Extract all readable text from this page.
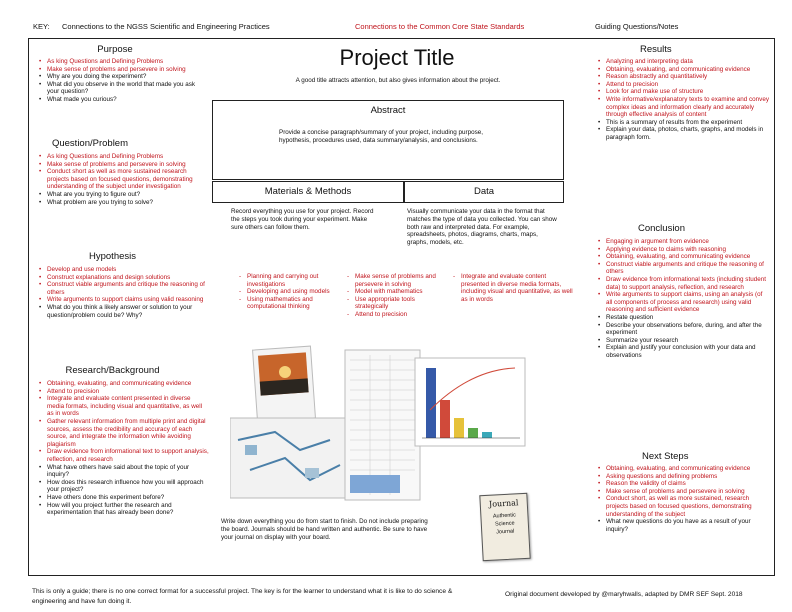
KEY: Connections to the NGSS Scientific and Engineering Practices	Connections to the Common Core State Standards	Guiding Questions/Notes
Purpose
• As king Questions and Defining Problems
• Make sense of problems and persevere in solving
• Why are you doing the experiment?
• What did you observe in the world that made you ask your question?
• What made you curious?
Question/Problem
• As king Questions and Defining Problems
• Make sense of problems and persevere in solving
• Conduct short as well as more sustained research projects based on focused questions, demonstrating understanding of the subject under investigation
• What are you trying to figure out?
• What problem are you trying to solve?
Hypothesis
• Develop and use models
• Construct explanations and design solutions
• Construct viable arguments and critique the reasoning of others
• Write arguments to support claims using valid reasoning
• What do you think a likely answer or solution to your question/problem could be? Why?
Research/Background
• Obtaining, evaluating, and communicating evidence
• Attend to precision
• Integrate and evaluate content presented in diverse media formats, including visual and quantitative, as well as in words
• Gather relevant information from multiple print and digital sources, assess the credibility and accuracy of each source, and integrate the information while avoiding plagiarism
• Draw evidence from informational text to support analysis, reflection, and research
• What have others have said about the topic of your inquiry?
• How does this research influence how you will approach your project?
• Have others done this experiment before?
• How will you project further the research and experimentation that has already been done?
Project Title
A good title attracts attention, but also gives information about the project.
Abstract
Provide a concise paragraph/summary of your project, including purpose, hypothesis, procedures used, data summary/analysis, and conclusions.
Materials & Methods	Data
Record everything you use for your project. Record the steps you took during your experiment. Make sure others can follow them.
Visually communicate your data in the format that matches the type of data you collected. You can show both raw and interpreted data. For example, spreadsheets, photos, diagrams, charts, maps, graphs, models, etc.
- Planning and carrying out investigations
- Developing and using models
- Using mathematics and computational thinking
- Make sense of problems and persevere in solving
- Model with mathematics
- Use appropriate tools strategically
- Attend to precision
- Integrate and evaluate content presented in diverse media formats, including visual and quantitative, as well as in words
Write down everything you do from start to finish. Do not include preparing the board. Journals should be hand written and authentic. Be sure to have your journal on display with your board.
Journal
Authentic Science Journal
Results
• Analyzing and interpreting data
• Obtaining, evaluating, and communicating evidence
• Reason abstractly and quantitatively
• Attend to precision
• Look for and make use of structure
• Write informative/explanatory texts to examine and convey complex ideas and information clearly and accurately through effective analysis of content
• This is a summary of results from the experiment
• Explain your data, photos, charts, graphs, and models in paragraph form.
Conclusion
• Engaging in argument from evidence
• Applying evidence to claims with reasoning
• Obtaining, evaluating, and communicating evidence
• Construct viable arguments and critique the reasoning of others
• Draw evidence from informational texts (including student data) to support analysis, reflection, and research
• Write arguments to support claims, using an analysis (of all components of process and research) using valid reasoning and sufficient evidence
• Restate question
• Describe your observations before, during, and after the experiment
• Summarize your research
• Explain and justify your conclusion with your data and observations
Next Steps
• Obtaining, evaluating, and communicating evidence
• Asking questions and defining problems
• Reason the validity of claims
• Make sense of problems and persevere in solving
• Conduct short, as well as more sustained, research projects based on focused questions, demonstrating understanding of the subject
• What new questions do you have as a result of your inquiry?
This is only a guide; there is no one correct format for a successful project. The key is for the learner to understand what it is like to do science & engineering and have fun doing it.
Original document developed by @maryhwalls, adapted by DMR SEF Sept. 2018
